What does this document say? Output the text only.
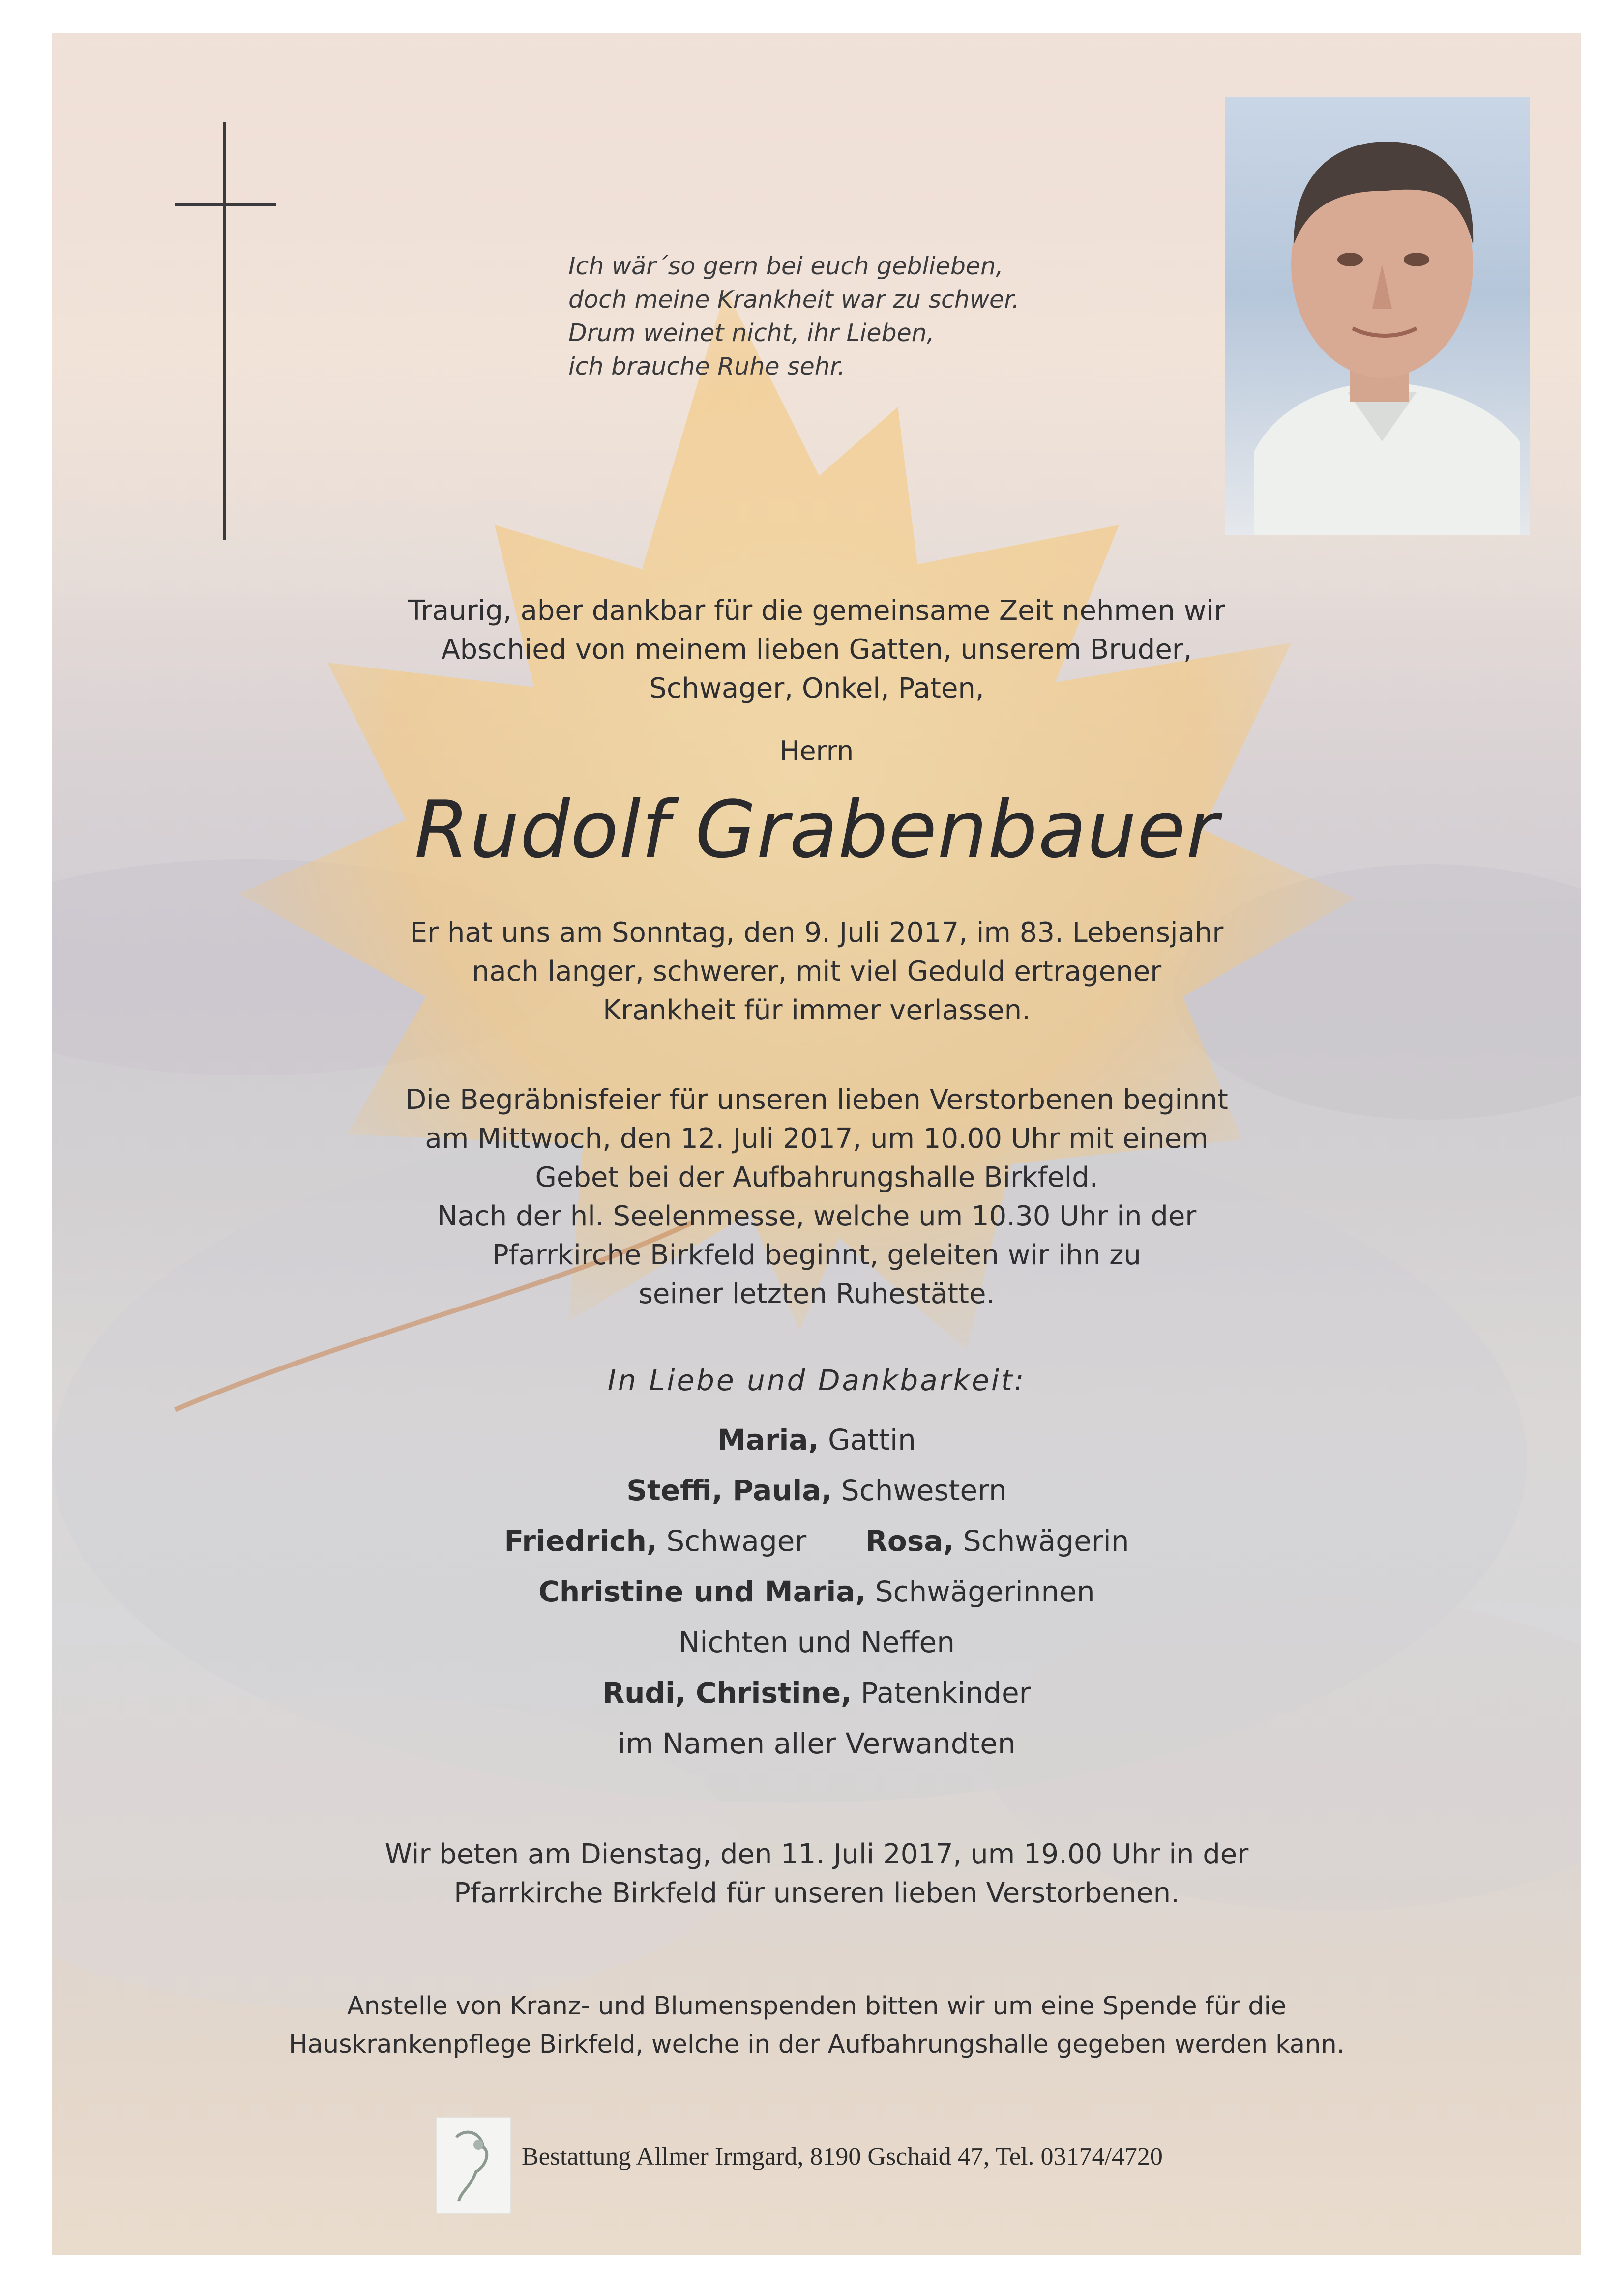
Ich wär´so gern bei euch geblieben,
doch meine Krankheit war zu schwer.
Drum weinet nicht, ihr Lieben,
ich brauche Ruhe sehr.
Traurig, aber dankbar für die gemeinsame Zeit nehmen wir
Abschied von meinem lieben Gatten, unserem Bruder,
Schwager, Onkel, Paten,
Herrn
Rudolf Grabenbauer
Er hat uns am Sonntag, den 9. Juli 2017, im 83. Lebensjahr
nach langer, schwerer, mit viel Geduld ertragener
Krankheit für immer verlassen.
Die Begräbnisfeier für unseren lieben Verstorbenen beginnt
am Mittwoch, den 12. Juli 2017, um 10.00 Uhr mit einem
Gebet bei der Aufbahrungshalle Birkfeld.
Nach der hl. Seelenmesse, welche um 10.30 Uhr in der
Pfarrkirche Birkfeld beginnt, geleiten wir ihn zu
seiner letzten Ruhestätte.
In Liebe und Dankbarkeit:
Maria, Gattin
Steffi, Paula, Schwestern
Friedrich, Schwager Rosa, Schwägerin
Christine und Maria, Schwägerinnen
Nichten und Neffen
Rudi, Christine, Patenkinder
im Namen aller Verwandten
Wir beten am Dienstag, den 11. Juli 2017, um 19.00 Uhr in der
Pfarrkirche Birkfeld für unseren lieben Verstorbenen.
Anstelle von Kranz- und Blumenspenden bitten wir um eine Spende für die
Hauskrankenpflege Birkfeld, welche in der Aufbahrungshalle gegeben werden kann.
Bestattung Allmer Irmgard, 8190 Gschaid 47, Tel. 03174/4720
